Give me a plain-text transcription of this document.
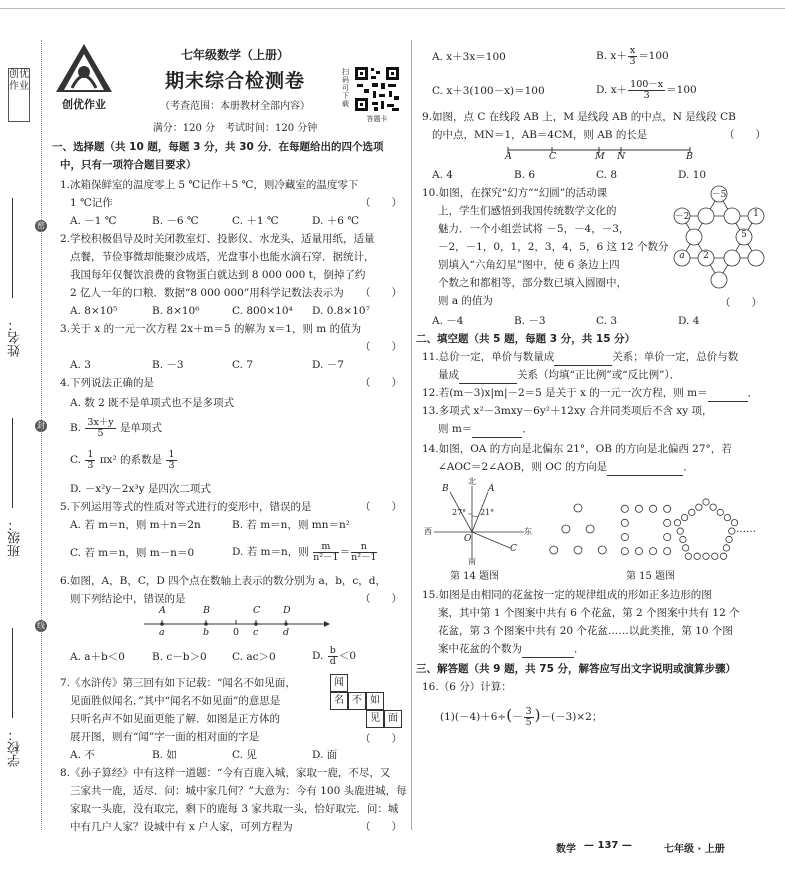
创优作业
姓名：
班级：
学校：
密
封
线
创优作业
七年级数学（上册）
期末综合检测卷
（考查范围：本册教材全部内容）
满分：120 分　考试时间：120 分钟
扫码可下载
答题卡
一、选择题（共 10 题，每题 3 分，共 30 分．在每题给出的四个选项
中，只有一项符合题目要求）
1.冰箱保鲜室的温度零上 5 ℃记作＋5 ℃，则冷藏室的温度零下
1 ℃记作	（　　）
A. －1 ℃	B. －6 ℃	C. ＋1 ℃	D. ＋6 ℃
2.学校积极倡导及时关闭教室灯、投影仪、水龙头，适量用纸，适量
点餐，节俭事微却能聚沙成塔，光盘事小也能水滴石穿．据统计，
我国每年仅餐饮浪费的食物蛋白就达到 8 000 000 t，倒掉了约
2 亿人一年的口粮．数据“8 000 000”用科学记数法表示为 （　　）
A. 8×10⁵	B. 8×10⁶	C. 800×10⁴ D. 0.8×10⁷
3.关于 x 的一元一次方程 2x＋m＝5 的解为 x＝1，则 m 的值为
（　　）
A. 3	B. －3	C. 7	D. －7
4.下列说法正确的是	（　　）
A. 数 2 既不是单项式也不是多项式
B. $\frac{3x+y}{5}$ 是单项式
C. $\frac{1}{3} \pi x^2$ 的系数是 $\frac{1}{3}$
D. －x²y－2x³y 是四次二项式
5.下列运用等式的性质对等式进行的变形中，错误的是	（　　）
A. 若 m＝n，则 m＋n＝2n	B. 若 m＝n，则 mn＝n²
C. 若 m＝n，则 m－n＝0	D. 若 m＝n，则 $\frac{m}{\text{n²－1}} = \frac{n}{\text{n²－1}}$
6.如图，A，B，C，D 四个点在数轴上表示的数分别为 a，b，c，d，
则下列结论中，错误的是	（　　）
A	B	C D
a	b	0 c	d
A. a＋b＜0	B. c－b＞0 C. ac＞0	D. $\frac{b}{d} <0$
7.《水浒传》第三回有如下记载：“闻名不如见面，
见面胜似闻名．”其中“闻名不如见面”的意思是
只听名声不如见面更能了解．如图是正方体的
展开图，则有“闻”字一面的相对面的字是	（　　）
闻
名 不 如
见 面
A. 不	B. 如	C. 见	D. 面
8.《孙子算经》中有这样一道题：“今有百鹿入城，家取一鹿，不尽，又
三家共一鹿，适尽．问：城中家几何？”大意为：今有 100 头鹿进城，每
家取一头鹿，没有取完，剩下的鹿每 3 家共取一头，恰好取完．问：城
中有几户人家？设城中有 x 户人家，可列方程为	（　　）
A. x＋3x＝100	B. $x+ \frac{x}{3} =100$
C. x＋3(100－x)＝100	D. $x+ \frac{100-x}{3} =100$
9.如图，点 C 在线段 AB 上，M 是线段 AB 的中点，N 是线段 CB
的中点，MN＝1，AB＝4CM，则 AB 的长是	（　　）
A	C	M N	B
A. 4	B. 6	C. 8	D. 10
10.如图，在探究“幻方”“幻圆”的活动课
上，学生们感悟到我国传统数学文化的
魅力．一个小组尝试将 －5，－4，－3，
－2，－1，0，1，2，3，4，5，6 这 12 个数分
别填入“六角幻星”图中，使 6 条边上四
个数之和都相等，部分数已填入圆圈中，
则 a 的值为	（　　）
－5
－2	1
5
a	2
A. －4	B. －3	C. 3	D. 4
二、填空题（共 5 题，每题 3 分，共 15 分）
11.总价一定，单价与数量成	关系；单价一定，总价与数
量成	关系（均填“正比例”或“反比例”）．
12.若(m－3)x|m|－2＝5 是关于 x 的一元一次方程，则 m＝	．
13.多项式 x²－3mxy－6y²＋12xy 合并同类项后不含 xy 项，
则 m＝	．
14.如图，OA 的方向是北偏东 21°，OB 的方向是北偏西 27°，若
∠AOC＝2∠AOB，则 OC 的方向是	．
北
南
东
西
A
B
C
O
27° 21°
第 14 题图
……
第 15 题图
15.如图是由相同的花盆按一定的规律组成的形如正多边形的图
案，其中第 1 个图案中共有 6 个花盆，第 2 个图案中共有 12 个
花盆，第 3 个图案中共有 20 个花盆……以此类推，第 10 个图
案中花盆的个数为	．
三、解答题（共 9 题，共 75 分，解答应写出文字说明或演算步骤）
16.（6 分）计算：
$(1)(-4)+6\div(- \frac{3}{5} )-(-3)\times 2$；
数学 — 137 —	七年级 · 上册
